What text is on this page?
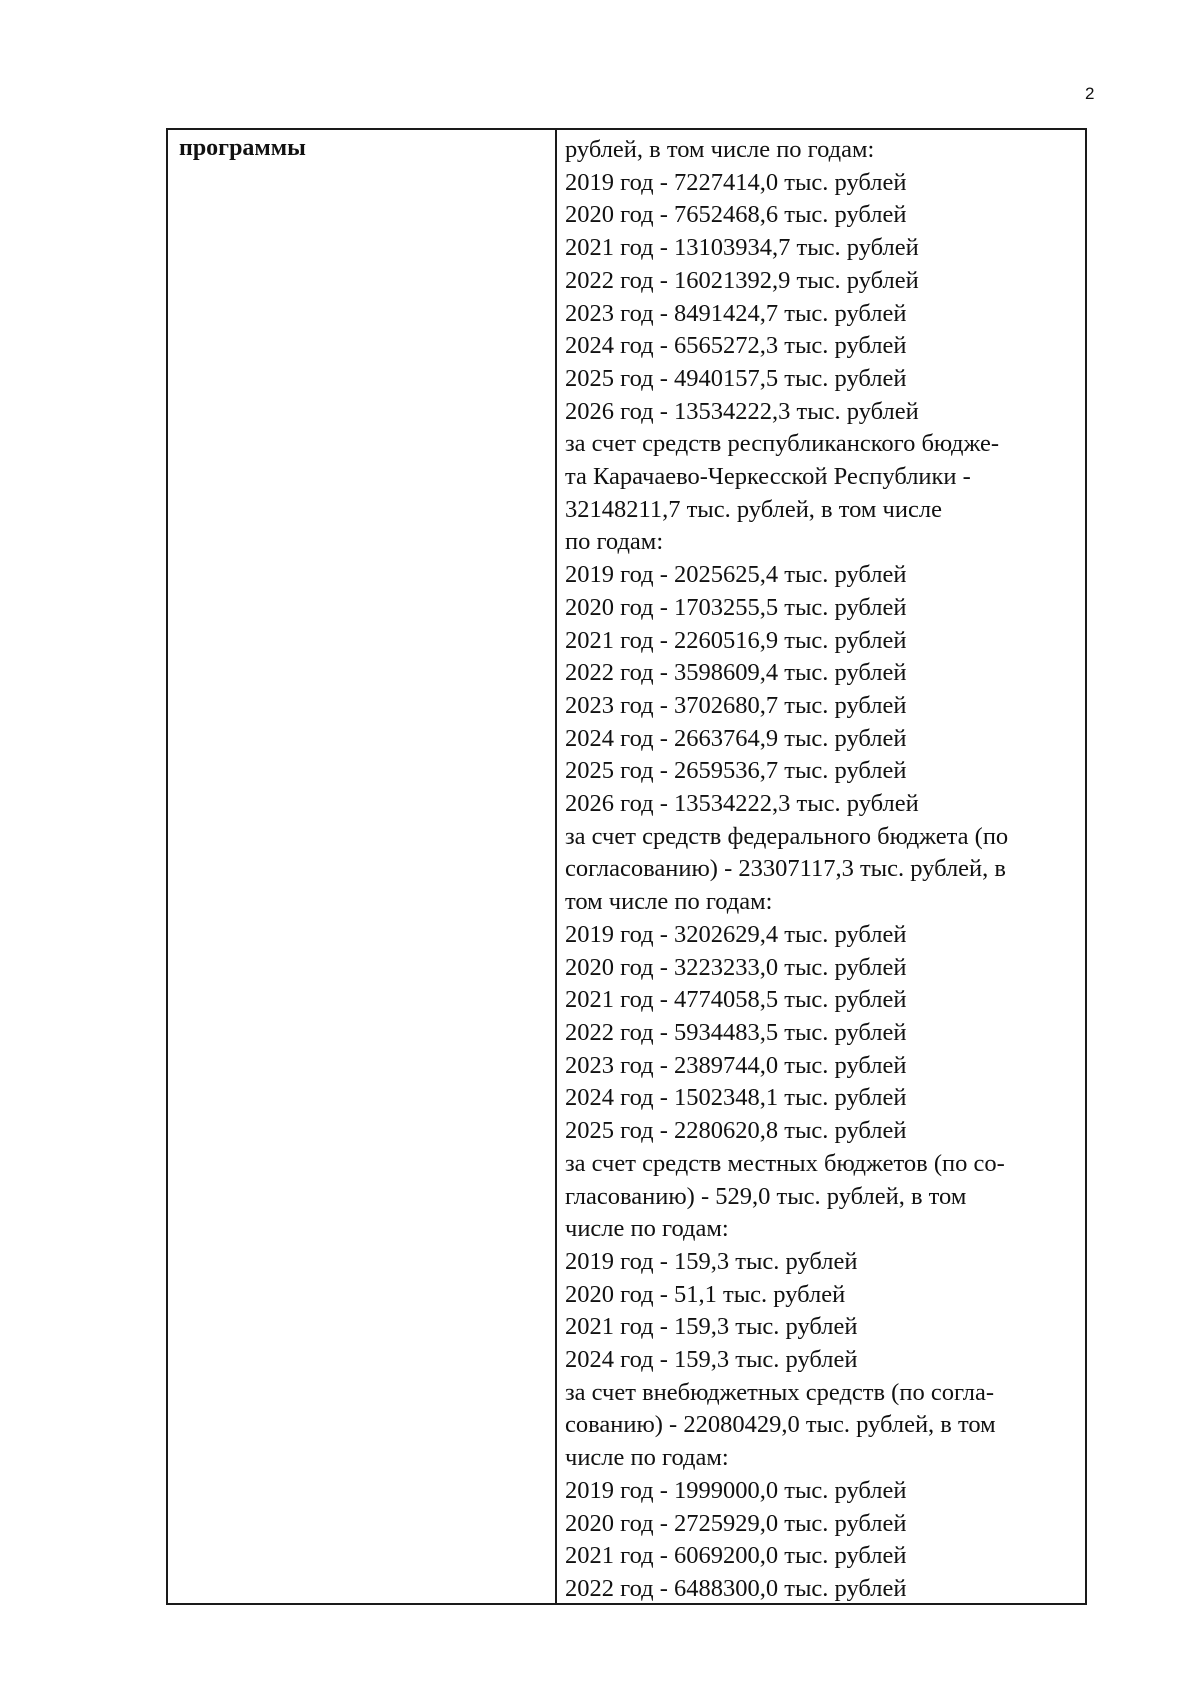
2
программы	рублей, в том числе по годам:
2019 год - 7227414,0 тыс. рублей
2020 год - 7652468,6 тыс. рублей
2021 год - 13103934,7 тыс. рублей
2022 год - 16021392,9 тыс. рублей
2023 год - 8491424,7 тыс. рублей
2024 год - 6565272,3 тыс. рублей
2025 год - 4940157,5 тыс. рублей
2026 год - 13534222,3 тыс. рублей
за счет средств республиканского бюдже-
та Карачаево-Черкесской Республики -
32148211,7 тыс. рублей, в том числе
по годам:
2019 год - 2025625,4 тыс. рублей
2020 год - 1703255,5 тыс. рублей
2021 год - 2260516,9 тыс. рублей
2022 год - 3598609,4 тыс. рублей
2023 год - 3702680,7 тыс. рублей
2024 год - 2663764,9 тыс. рублей
2025 год - 2659536,7 тыс. рублей
2026 год - 13534222,3 тыс. рублей
за счет средств федерального бюджета (по
согласованию) - 23307117,3 тыс. рублей, в
том числе по годам:
2019 год - 3202629,4 тыс. рублей
2020 год - 3223233,0 тыс. рублей
2021 год - 4774058,5 тыс. рублей
2022 год - 5934483,5 тыс. рублей
2023 год - 2389744,0 тыс. рублей
2024 год - 1502348,1 тыс. рублей
2025 год - 2280620,8 тыс. рублей
за счет средств местных бюджетов (по со-
гласованию) - 529,0 тыс. рублей, в том
числе по годам:
2019 год - 159,3 тыс. рублей
2020 год - 51,1 тыс. рублей
2021 год - 159,3 тыс. рублей
2024 год - 159,3 тыс. рублей
за счет внебюджетных средств (по согла-
сованию) - 22080429,0 тыс. рублей, в том
числе по годам:
2019 год - 1999000,0 тыс. рублей
2020 год - 2725929,0 тыс. рублей
2021 год - 6069200,0 тыс. рублей
2022 год - 6488300,0 тыс. рублей
